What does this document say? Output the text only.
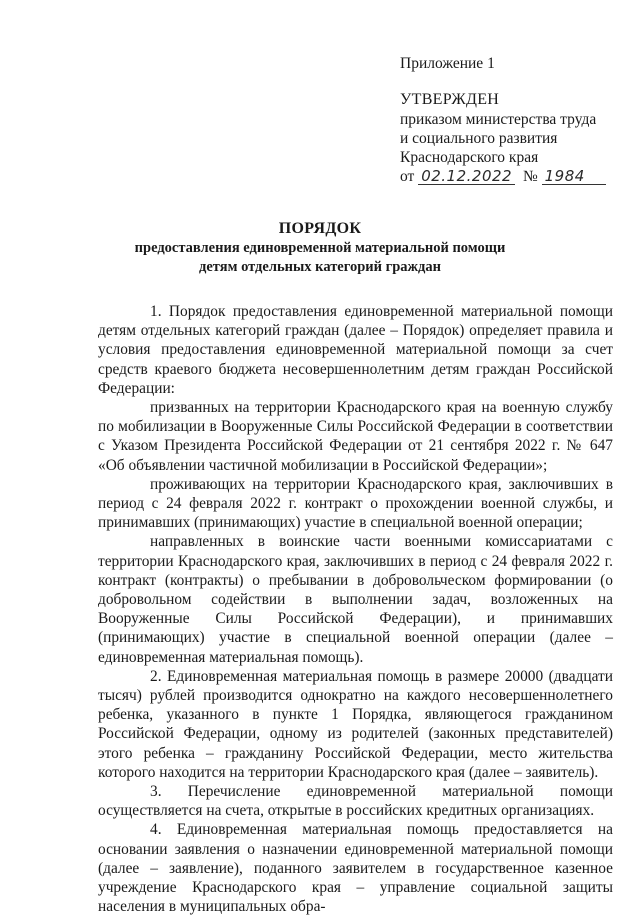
Приложение 1
УТВЕРЖДЕН
приказом министерства труда
и социального развития
Краснодарского края
от 02.12.2022 № 1984
ПОРЯДОК
предоставления единовременной материальной помощи
детям отдельных категорий граждан

1. Порядок предоставления единовременной материальной помощи детям отдельных категорий граждан (далее – Порядок) определяет правила и условия предоставления единовременной материальной помощи за счет средств краевого бюджета несовершеннолетним детям граждан Российской Федерации:

призванных на территории Краснодарского края на военную службу по мобилизации в Вооруженные Силы Российской Федерации в соответствии с Указом Президента Российской Федерации от 21 сентября 2022 г. № 647 «Об объявлении частичной мобилизации в Российской Федерации»;

проживающих на территории Краснодарского края, заключивших в период с 24 февраля 2022 г. контракт о прохождении военной службы, и принимавших (принимающих) участие в специальной военной операции;

направленных в воинские части военными комиссариатами с территории Краснодарского края, заключивших в период с 24 февраля 2022 г. контракт (контракты) о пребывании в добровольческом формировании (о добровольном содействии в выполнении задач, возложенных на Вооруженные Силы Российской Федерации), и принимавших (принимающих) участие в специальной военной операции (далее – единовременная материальная помощь).

2. Единовременная материальная помощь в размере 20000 (двадцати тысяч) рублей производится однократно на каждого несовершеннолетнего ребенка, указанного в пункте 1 Порядка, являющегося гражданином Российской Федерации, одному из родителей (законных представителей) этого ребенка – гражданину Российской Федерации, место жительства которого находится на территории Краснодарского края (далее – заявитель).

3. Перечисление единовременной материальной помощи осуществляется на счета, открытые в российских кредитных организациях.

4. Единовременная материальная помощь предоставляется на основании заявления о назначении единовременной материальной помощи (далее – заявление), поданного заявителем в государственное казенное учреждение Краснодарского края – управление социальной защиты населения в муниципальных обра-
